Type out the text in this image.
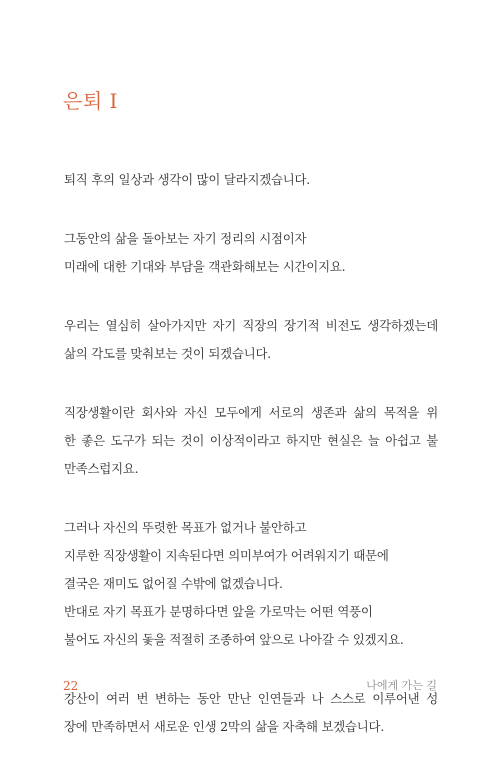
은퇴 I
퇴직 후의 일상과 생각이 많이 달라지겠습니다.
그동안의 삶을 돌아보는 자기 정리의 시점이자
미래에 대한 기대와 부담을 객관화해보는 시간이지요.
우리는 열심히 살아가지만 자기 직장의 장기적 비전도 생각하겠는데
삶의 각도를 맞춰보는 것이 되겠습니다.
직장생활이란 회사와 자신 모두에게 서로의 생존과 삶의 목적을 위
한 좋은 도구가 되는 것이 이상적이라고 하지만 현실은 늘 아쉽고 불
만족스럽지요.
그러나 자신의 뚜렷한 목표가 없거나 불안하고
지루한 직장생활이 지속된다면 의미부여가 어려워지기 때문에
결국은 재미도 없어질 수밖에 없겠습니다.
반대로 자기 목표가 분명하다면 앞을 가로막는 어떤 역풍이
불어도 자신의 돛을 적절히 조종하여 앞으로 나아갈 수 있겠지요.
강산이 여러 번 변하는 동안 만난 인연들과 나 스스로 이루어낸 성
장에 만족하면서 새로운 인생 2막의 삶을 자축해 보겠습니다.
22	나에게 가는 길
